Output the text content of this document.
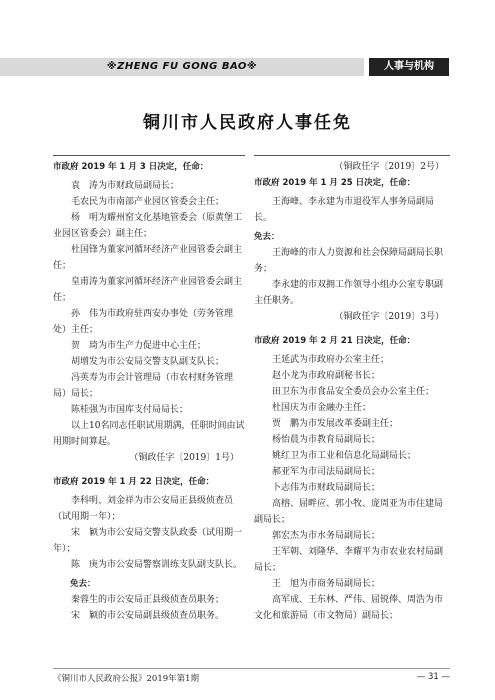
※ZHENG FU GONG BAO※	人事与机构
铜川市人民政府人事任免

市政府 2019 年 1 月 3 日决定，任命：

袁　涛为市财政局副局长；

毛农民为市南部产业园区管委会主任；

杨　明为耀州窑文化基地管委会（原黄堡工业园区管委会）副主任；

杜国锋为董家河循环经济产业园管委会副主任；

皇甫涛为董家河循环经济产业园管委会副主任；

孙　伟为市政府驻西安办事处（劳务管理处）主任；

贺　琦为市生产力促进中心主任；

胡增发为市公安局交警支队副支队长；

冯英寿为市会计管理局（市农村财务管理局）局长；

陈桂强为市国库支付局局长；

以上10名同志任职试用期满，任职时间由试用期时间算起。

（铜政任字〔2019〕1号）

市政府 2019 年 1 月 22 日决定，任命：

李科明、刘金祥为市公安局正县级侦查员（试用期一年）；

宋　颖为市公安局交警支队政委（试用期一年）；

陈　庚为市公安局警察训练支队副支队长。

免去：

秦蓉生的市公安局正县级侦查员职务；

宋　颖的市公安局副县级侦查员职务。

（铜政任字〔2019〕2号）

市政府 2019 年 1 月 25 日决定，任命：

王海峰、李永建为市退役军人事务局副局长。

免去：

王海峰的市人力资源和社会保障局副局长职务；

李永建的市双拥工作领导小组办公室专职副主任职务。

（铜政任字〔2019〕3号）

市政府 2019 年 2 月 21 日决定，任命：

王延武为市政府办公室主任；

赵小龙为市政府副秘书长；

田卫东为市食品安全委员会办公室主任；

杜国庆为市金融办主任；

贾　鹏为市发展改革委副主任；

杨怡晨为市教育局副局长；

姚红卫为市工业和信息化局副局长；

郝亚军为市司法局副局长；

卜志伟为市财政局副局长；

高榕、屈畔应、郭小牧、庞周亚为市住建局副局长；

郭宏杰为市水务局副局长；

王军朝、刘隆华、李耀平为市农业农村局副局长；

王　旭为市商务局副局长；

高军成、王东林、严伟、屈锐俸、周浩为市文化和旅游局（市文物局）副局长；

《铜川市人民政府公报》2019年第1期	— 31 —
